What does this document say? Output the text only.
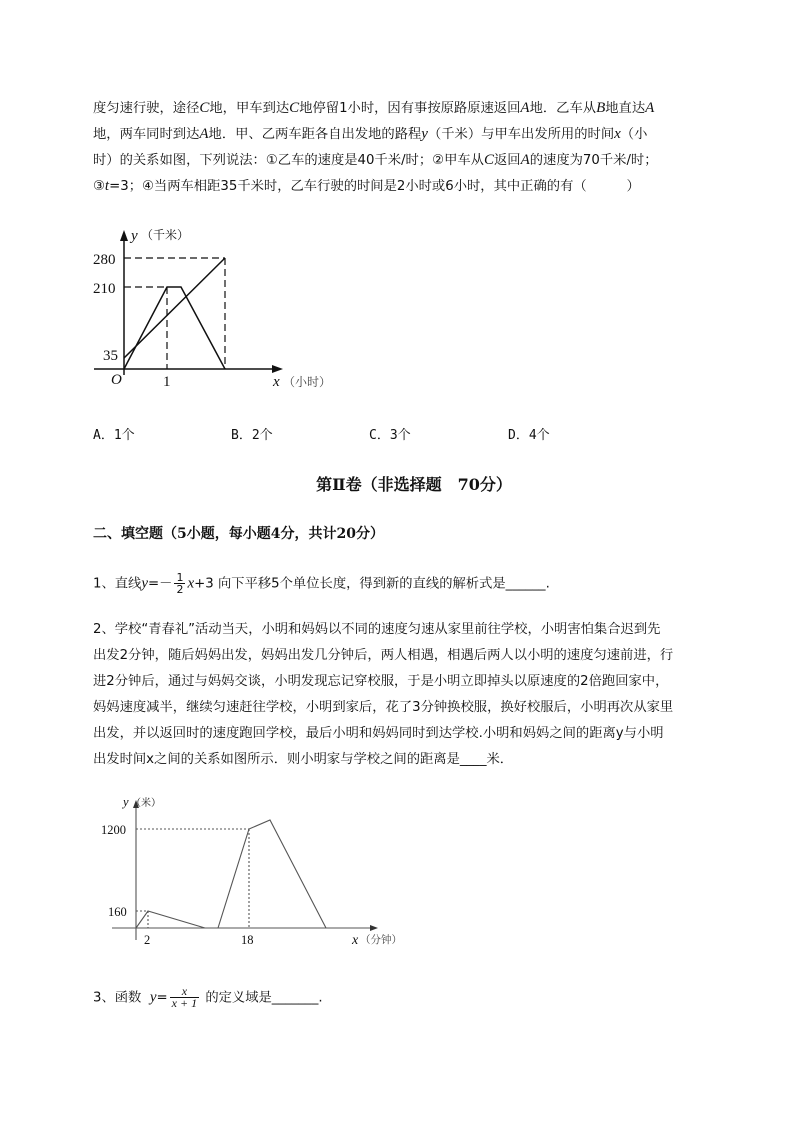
度匀速行驶，途径C地，甲车到达C地停留1小时，因有事按原路原速返回A地．乙车从B地直达A
地，两车同时到达A地．甲、乙两车距各自出发地的路程y（千米）与甲车出发所用的时间x（小
时）的关系如图，下列说法：①乙车的速度是40千米/时；②甲车从C返回A的速度为70千米/时；
③t=3；④当两车相距35千米时，乙车行驶的时间是2小时或6小时，其中正确的有（　　　）
y （千米）
280
210
35
O	1	x （小时）
y （米）
1200
160
2	18	x （分钟）
A．1个	B．2个	C．3个	D．4个
第Ⅱ卷（非选择题　70分）
二、填空题（5小题，每小题4分，共计20分）
1、直线$y=- \frac{1}{2} x+3$ 向下平移5个单位长度，得到新的直线的解析式是______.
2、学校“青春礼”活动当天，小明和妈妈以不同的速度匀速从家里前往学校，小明害怕集合迟到先
出发2分钟，随后妈妈出发，妈妈出发几分钟后，两人相遇，相遇后两人以小明的速度匀速前进，行
进2分钟后，通过与妈妈交谈，小明发现忘记穿校服，于是小明立即掉头以原速度的2倍跑回家中，
妈妈速度减半，继续匀速赶往学校，小明到家后，花了3分钟换校服，换好校服后，小明再次从家里
出发，并以返回时的速度跑回学校，最后小明和妈妈同时到达学校.小明和妈妈之间的距离y与小明
出发时间x之间的关系如图所示．则小明家与学校之间的距离是____米．
3、函数 $y= \frac{x}{x + 1}$ 的定义域是_______.
